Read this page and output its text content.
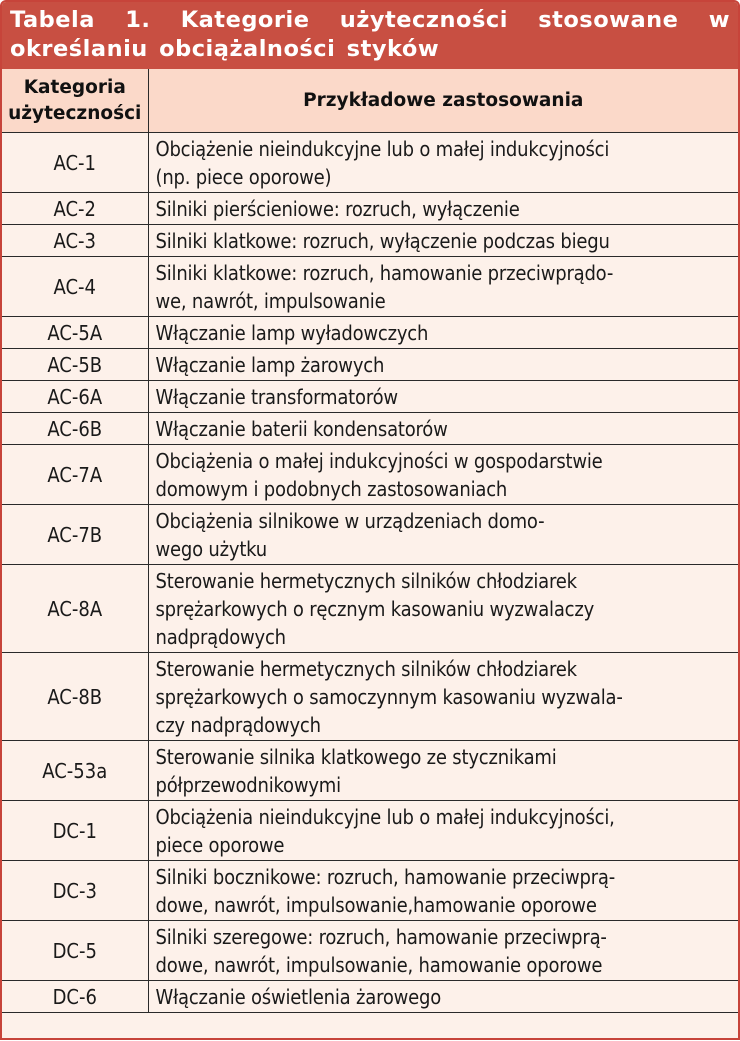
Tabela 1. Kategorie użyteczności stosowane w określaniu obciążalności styków

Kategoria
użyteczności	Przykładowe zastosowania
AC-1	Obciążenie nieindukcyjne lub o małej indukcyjności
(np. piece oporowe)

AC-2	Silniki pierścieniowe: rozruch, wyłączenie

AC-3	Silniki klatkowe: rozruch, wyłączenie podczas biegu

AC-4	Silniki klatkowe: rozruch, hamowanie przeciwprądo-
we, nawrót, impulsowanie

AC-5A	Włączanie lamp wyładowczych

AC-5B	Włączanie lamp żarowych

AC-6A	Włączanie transformatorów

AC-6B	Włączanie baterii kondensatorów

AC-7A	Obciążenia o małej indukcyjności w gospodarstwie
domowym i podobnych zastosowaniach

AC-7B	Obciążenia silnikowe w urządzeniach domo-
wego użytku

AC-8A	Sterowanie hermetycznych silników chłodziarek
sprężarkowych o ręcznym kasowaniu wyzwalaczy
nadprądowych

AC-8B	Sterowanie hermetycznych silników chłodziarek
sprężarkowych o samoczynnym kasowaniu wyzwala-
czy nadprądowych

AC-53a	Sterowanie silnika klatkowego ze stycznikami
półprzewodnikowymi

DC-1	Obciążenia nieindukcyjne lub o małej indukcyjności,
piece oporowe

DC-3	Silniki bocznikowe: rozruch, hamowanie przeciwprą-
dowe, nawrót, impulsowanie,hamowanie oporowe

DC-5	Silniki szeregowe: rozruch, hamowanie przeciwprą-
dowe, nawrót, impulsowanie, hamowanie oporowe

DC-6	Włączanie oświetlenia żarowego
